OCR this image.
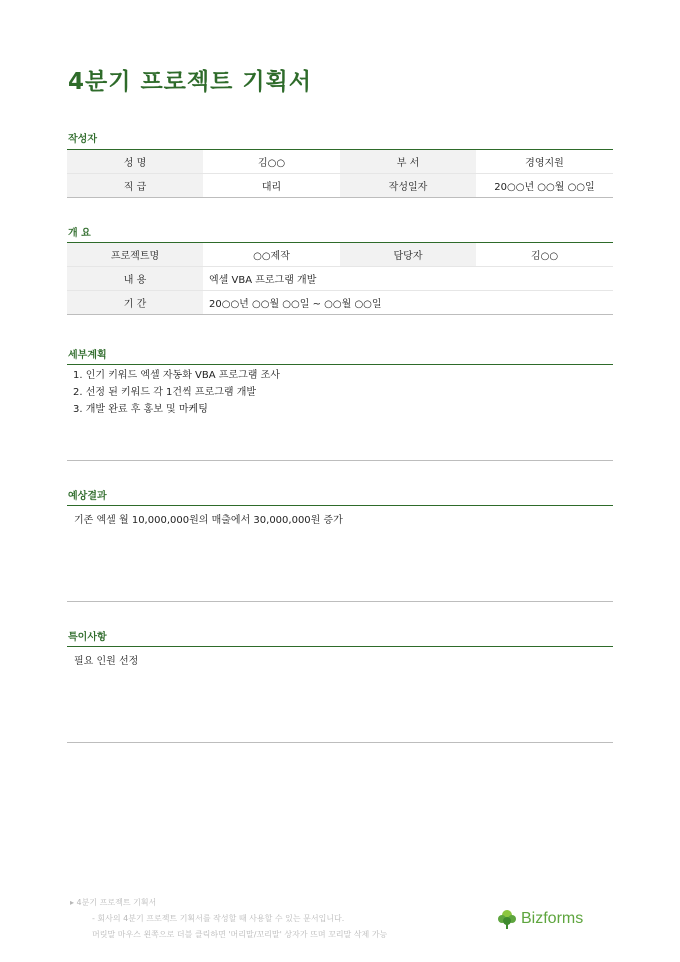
4분기 프로젝트 기획서
작성자
성 명	김○○	부 서	경영지원
직 급	대리	작성일자	20○○년 ○○월 ○○일
개 요
프로젝트명	○○제작	담당자	김○○
내 용	엑셀 VBA 프로그램 개발		
기 간	20○○년 ○○월 ○○일 ~ ○○월 ○○일		
세부계획
1. 인기 키워드 엑셀 자동화 VBA 프로그램 조사
2. 선정 된 키워드 각 1건씩 프로그램 개발
3. 개발 완료 후 홍보 및 마케팅
예상결과
기존 엑셀 월 10,000,000원의 매출에서 30,000,000원 증가
특이사항
필요 인원 선정
▸ 4분기 프로젝트 기획서
- 회사의 4분기 프로젝트 기획서를 작성할 때 사용할 수 있는 문서입니다.
머릿말 마우스 왼쪽으로 더블 클릭하면 '머리말/꼬리말' 상자가 뜨며 꼬리말 삭제 가능
Bizforms
